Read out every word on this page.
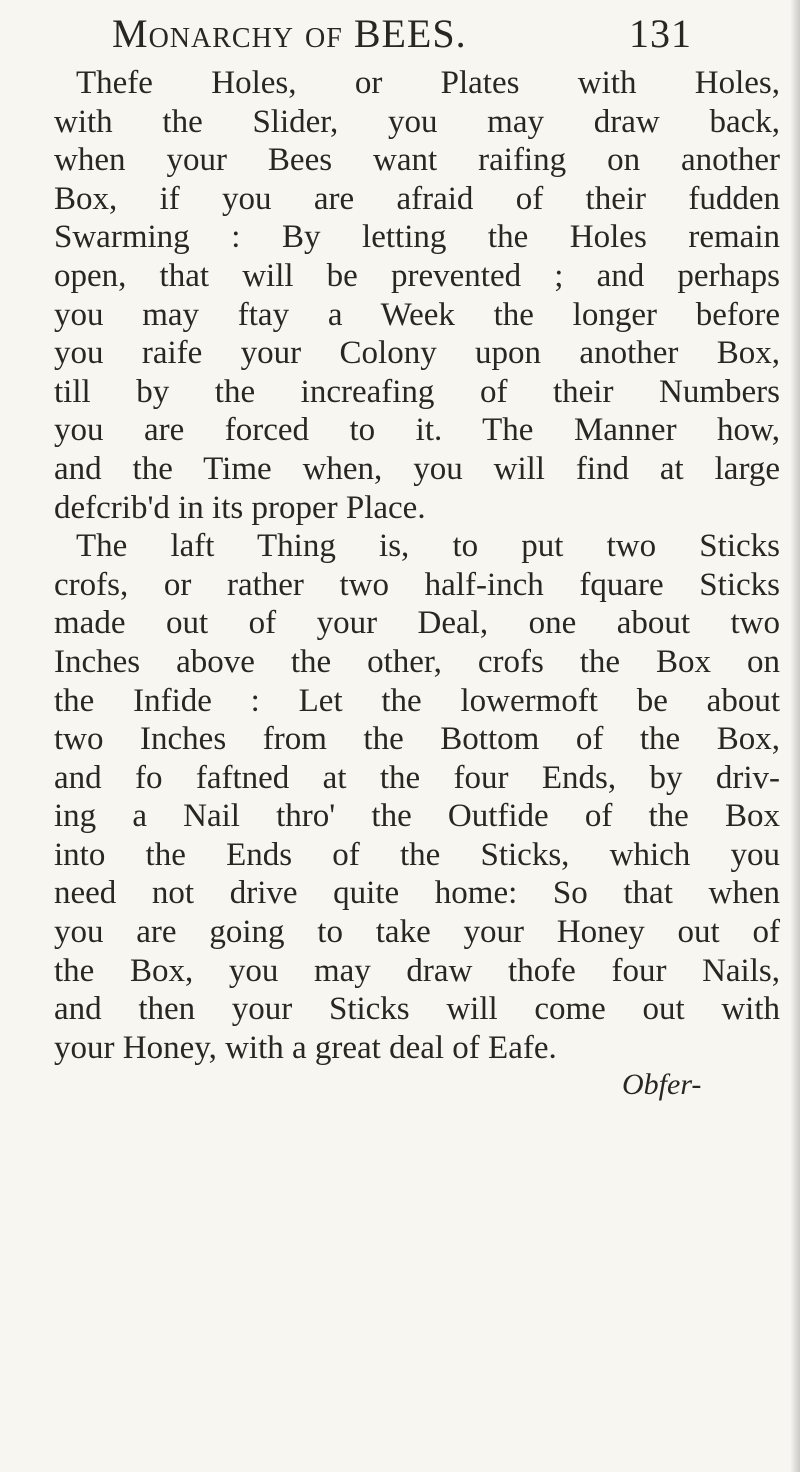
Monarchy of BEES.	131
Thefe Holes, or Plates with Holes,
with the Slider, you may draw back,
when your Bees want raifing on another
Box, if you are afraid of their fudden
Swarming : By letting the Holes remain
open, that will be prevented ; and perhaps
you may ftay a Week the longer before
you raife your Colony upon another Box,
till by the increafing of their Numbers
you are forced to it. The Manner how,
and the Time when, you will find at large
defcrib'd in its proper Place.
The laft Thing is, to put two Sticks
crofs, or rather two half-inch fquare Sticks
made out of your Deal, one about two
Inches above the other, crofs the Box on
the Infide : Let the lowermoft be about
two Inches from the Bottom of the Box,
and fo faftned at the four Ends, by driv-
ing a Nail thro' the Outfide of the Box
into the Ends of the Sticks, which you
need not drive quite home: So that when
you are going to take your Honey out of
the Box, you may draw thofe four Nails,
and then your Sticks will come out with
your Honey, with a great deal of Eafe.
Obfer-
